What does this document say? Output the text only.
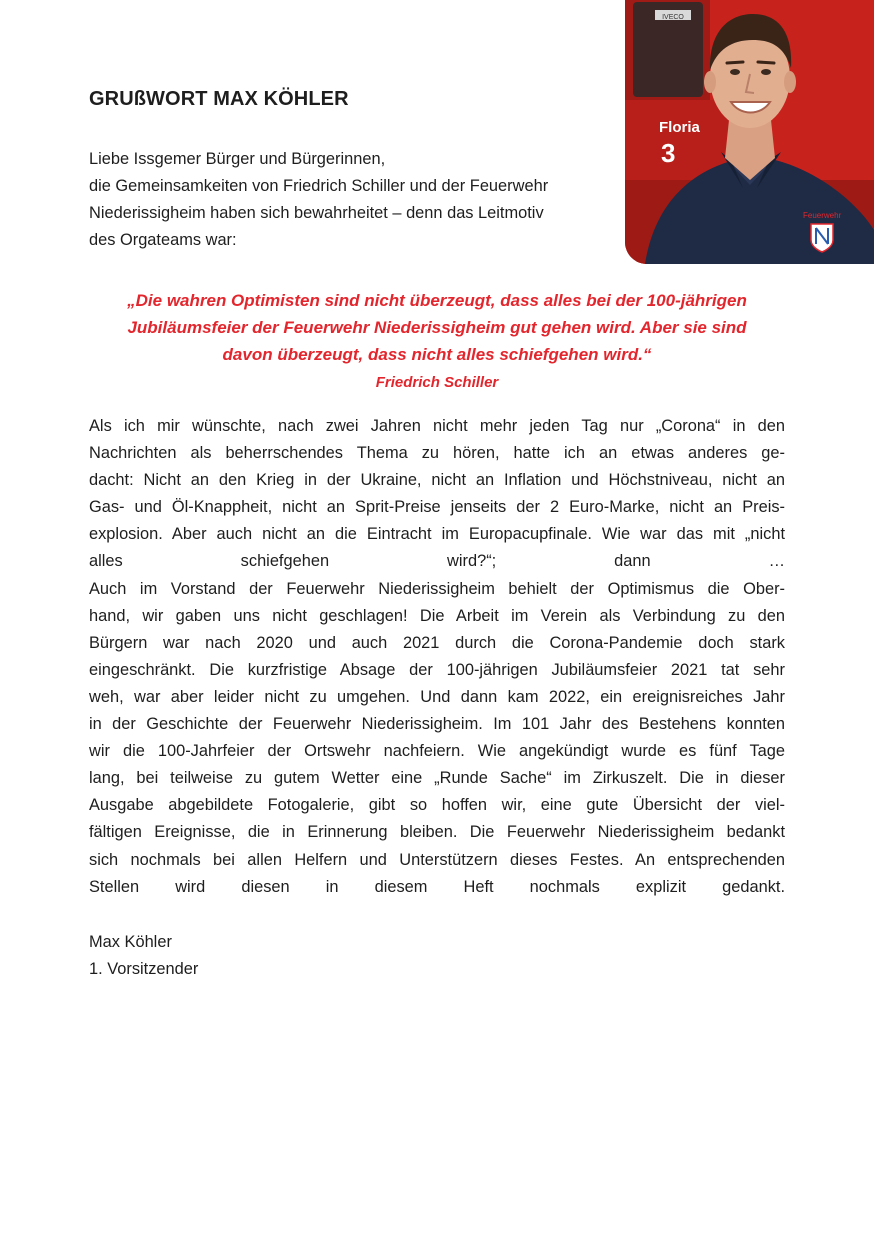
IVECO
Floria
3
Feuerwehr
GRUßWORT MAX KÖHLER
Liebe Issgemer Bürger und Bürgerinnen,
die Gemeinsamkeiten von Friedrich Schiller und der Feuerwehr
Niederissigheim haben sich bewahrheitet – denn das Leitmotiv
des Orgateams war:
„Die wahren Optimisten sind nicht überzeugt, dass alles bei der 100-jährigen
Jubiläumsfeier der Feuerwehr Niederissigheim gut gehen wird. Aber sie sind
davon überzeugt, dass nicht alles schiefgehen wird.“
Friedrich Schiller
Als ich mir wünschte, nach zwei Jahren nicht mehr jeden Tag nur „Corona“ in den
Nachrichten als beherrschendes Thema zu hören, hatte ich an etwas anderes ge-
dacht: Nicht an den Krieg in der Ukraine, nicht an Inflation und Höchstniveau, nicht an
Gas- und Öl-Knappheit, nicht an Sprit-Preise jenseits der 2 Euro-Marke, nicht an Preis-
explosion. Aber auch nicht an die Eintracht im Europacupfinale. Wie war das mit „nicht
alles schiefgehen wird?“; dann …
Auch im Vorstand der Feuerwehr Niederissigheim behielt der Optimismus die Ober-
hand, wir gaben uns nicht geschlagen! Die Arbeit im Verein als Verbindung zu den
Bürgern war nach 2020 und auch 2021 durch die Corona-Pandemie doch stark
eingeschränkt. Die kurzfristige Absage der 100-jährigen Jubiläumsfeier 2021 tat sehr
weh, war aber leider nicht zu umgehen. Und dann kam 2022, ein ereignisreiches Jahr
in der Geschichte der Feuerwehr Niederissigheim. Im 101 Jahr des Bestehens konnten
wir die 100-Jahrfeier der Ortswehr nachfeiern. Wie angekündigt wurde es fünf Tage
lang, bei teilweise zu gutem Wetter eine „Runde Sache“ im Zirkuszelt. Die in dieser
Ausgabe abgebildete Fotogalerie, gibt so hoffen wir, eine gute Übersicht der viel-
fältigen Ereignisse, die in Erinnerung bleiben. Die Feuerwehr Niederissigheim bedankt
sich nochmals bei allen Helfern und Unterstützern dieses Festes. An entsprechenden
Stellen wird diesen in diesem Heft nochmals explizit gedankt.
Max Köhler
1. Vorsitzender
